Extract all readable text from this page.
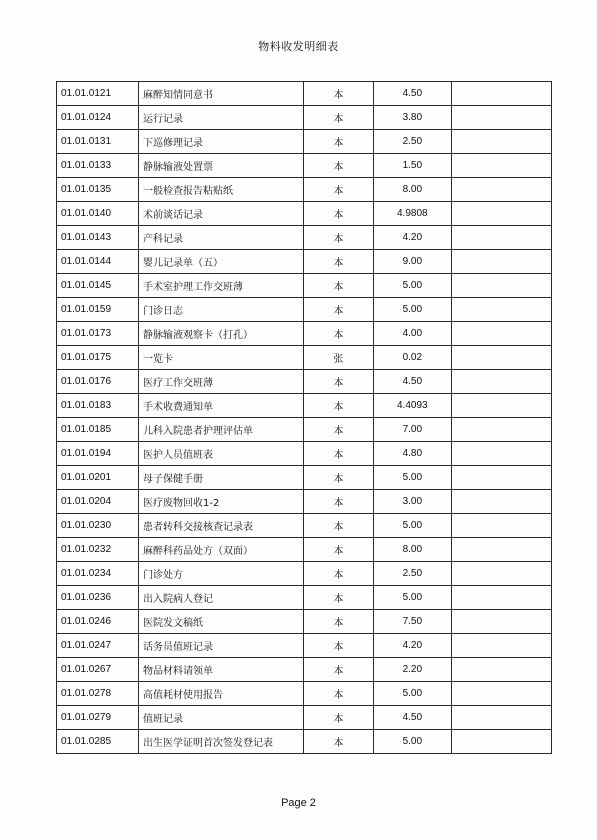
物料收发明细表
01.01.0121	麻醉知情同意书	本	4.50	
01.01.0124	运行记录	本	3.80	
01.01.0131	下巡修理记录	本	2.50	
01.01.0133	静脉输液处置票	本	1.50	
01.01.0135	一般检查报告粘贴纸	本	8.00	
01.01.0140	术前谈话记录	本	4.9808	
01.01.0143	产科记录	本	4.20	
01.01.0144	婴儿记录单（五）	本	9.00	
01.01.0145	手术室护理工作交班薄	本	5.00	
01.01.0159	门诊日志	本	5.00	
01.01.0173	静脉输液观察卡（打孔）	本	4.00	
01.01.0175	一览卡	张	0.02	
01.01.0176	医疗工作交班薄	本	4.50	
01.01.0183	手术收费通知单	本	4.4093	
01.01.0185	儿科入院患者护理评估单	本	7.00	
01.01.0194	医护人员值班表	本	4.80	
01.01.0201	母子保健手册	本	5.00	
01.01.0204	医疗废物回收1-2	本	3.00	
01.01.0230	患者转科交接核查记录表	本	5.00	
01.01.0232	麻醉科药品处方（双面）	本	8.00	
01.01.0234	门诊处方	本	2.50	
01.01.0236	出入院病人登记	本	5.00	
01.01.0246	医院发文稿纸	本	7.50	
01.01.0247	话务员值班记录	本	4.20	
01.01.0267	物品材料请领单	本	2.20	
01.01.0278	高值耗材使用报告	本	5.00	
01.01.0279	值班记录	本	4.50	
01.01.0285	出生医学证明首次签发登记表	本	5.00	
Page 2
